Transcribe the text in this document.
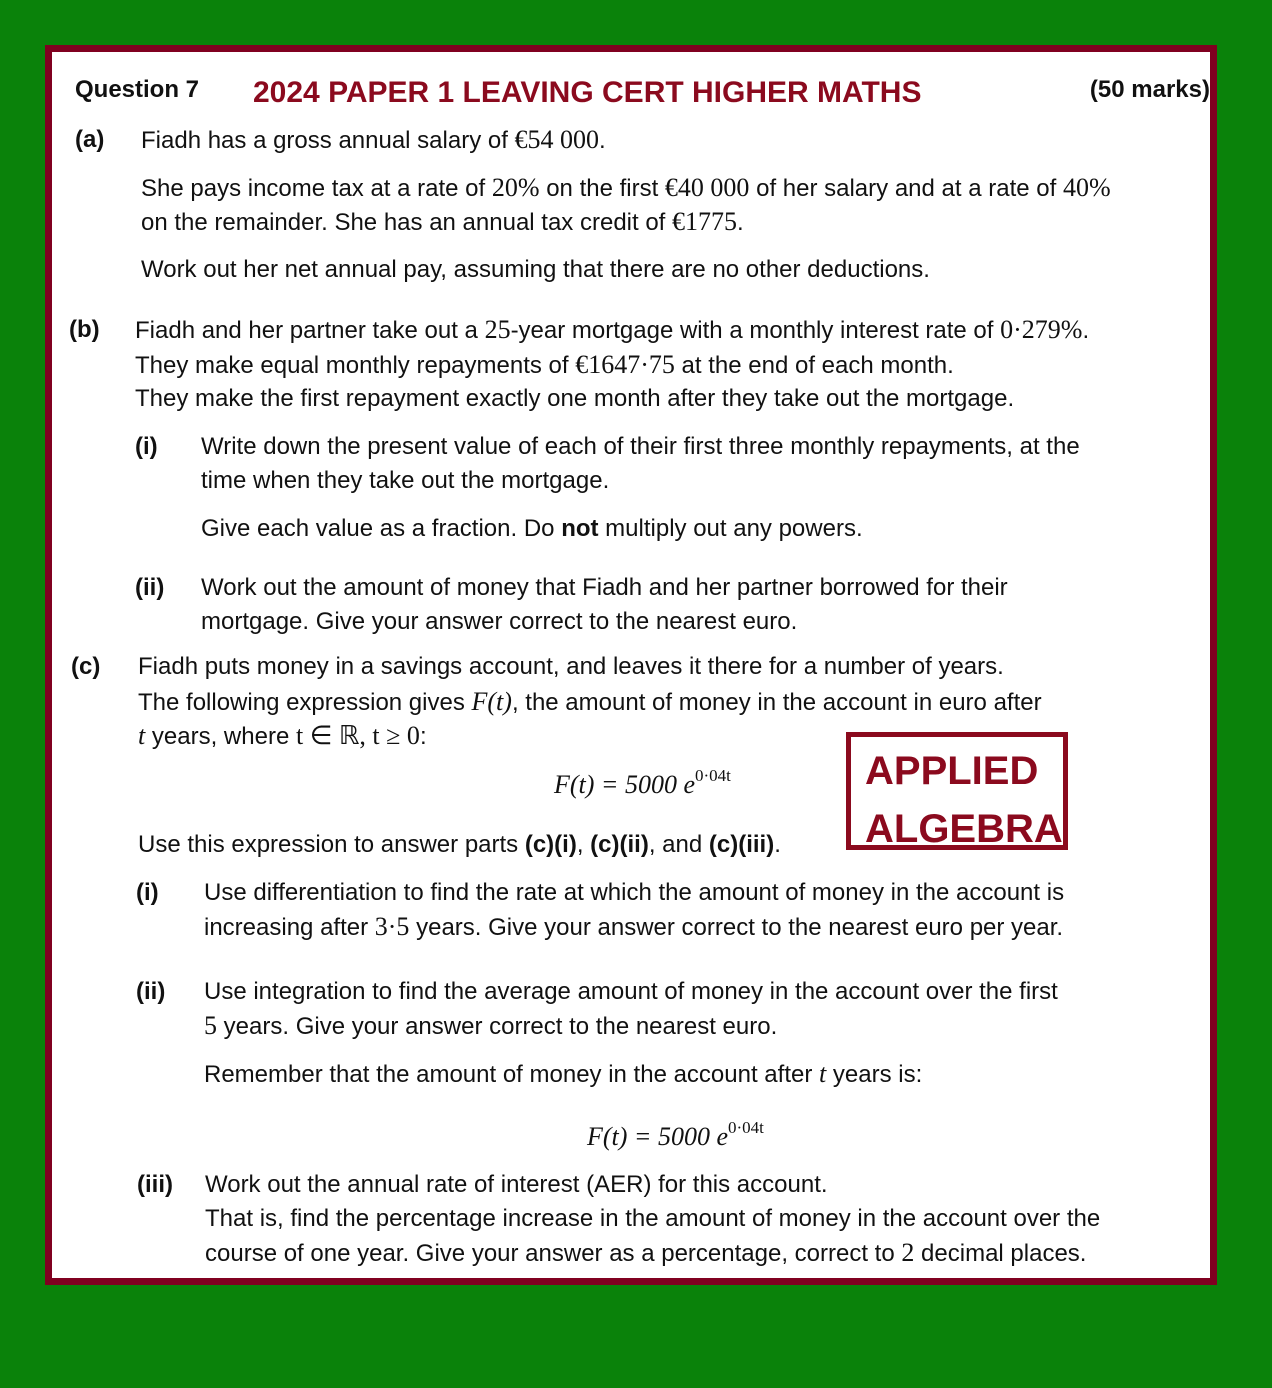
Question 7 2024 PAPER 1 LEAVING CERT HIGHER MATHS	(50 marks)
(a) Fiadh has a gross annual salary of €54 000.
She pays income tax at a rate of 20% on the first €40 000 of her salary and at a rate of 40%
on the remainder. She has an annual tax credit of €1775.
Work out her net annual pay, assuming that there are no other deductions.
(b) Fiadh and her partner take out a 25-year mortgage with a monthly interest rate of 0·279%.
They make equal monthly repayments of €1647·75 at the end of each month.
They make the first repayment exactly one month after they take out the mortgage.
(i) Write down the present value of each of their first three monthly repayments, at the
time when they take out the mortgage.
Give each value as a fraction. Do not multiply out any powers.
(ii) Work out the amount of money that Fiadh and her partner borrowed for their
mortgage. Give your answer correct to the nearest euro.
(c) Fiadh puts money in a savings account, and leaves it there for a number of years.
The following expression gives F(t), the amount of money in the account in euro after
t years, where t ∈ ℝ, t ≥ 0:
F(t) = 5000 $e^{0\cdot 04t}$
Use this expression to answer parts (c)(i), (c)(ii), and (c)(iii).
APPLIED
ALGEBRA
(i) Use differentiation to find the rate at which the amount of money in the account is
increasing after 3·5 years. Give your answer correct to the nearest euro per year.
(ii) Use integration to find the average amount of money in the account over the first
5 years. Give your answer correct to the nearest euro.
Remember that the amount of money in the account after t years is:
F(t) = 5000 $e^{0\cdot 04t}$
(iii) Work out the annual rate of interest (AER) for this account.
That is, find the percentage increase in the amount of money in the account over the
course of one year. Give your answer as a percentage, correct to 2 decimal places.
